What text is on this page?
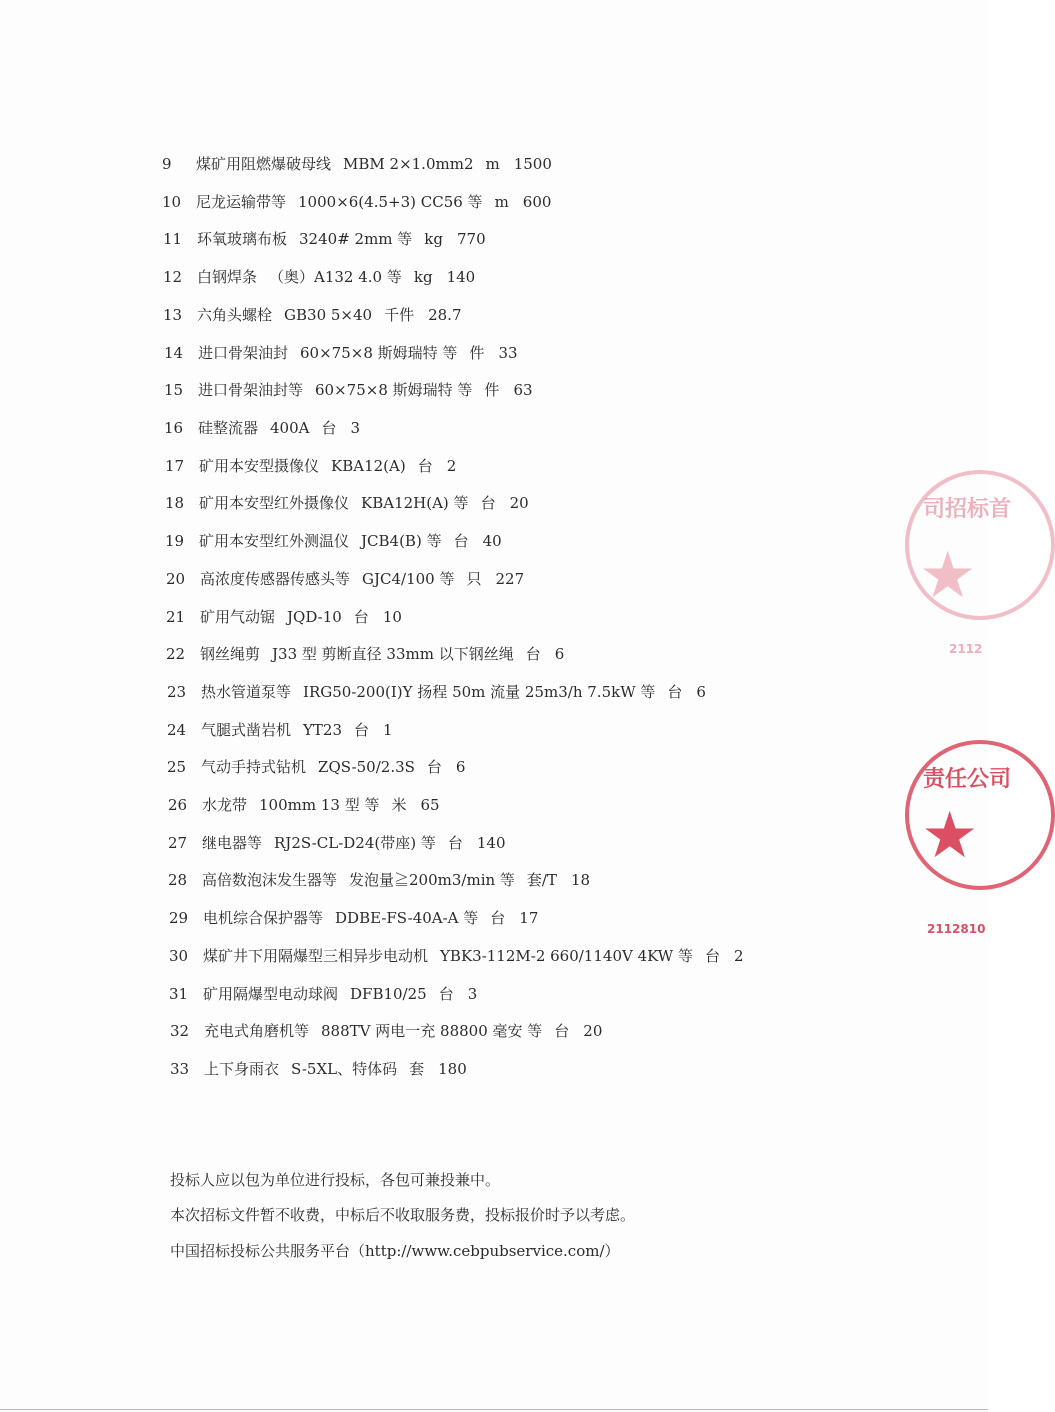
9 煤矿用阻燃爆破母线 MBM 2×1.0mm2 m 1500
10 尼龙运输带等 1000×6(4.5+3) CC56 等 m 600
11 环氧玻璃布板 3240# 2mm 等 kg 770
12 白钢焊条 （奥）A132 4.0 等 kg 140
13 六角头螺栓 GB30 5×40 千件 28.7
14 进口骨架油封 60×75×8 斯姆瑞特 等 件 33
15 进口骨架油封等 60×75×8 斯姆瑞特 等 件 63
16 硅整流器 400A 台 3
17 矿用本安型摄像仪 KBA12(A) 台 2
18 矿用本安型红外摄像仪 KBA12H(A) 等 台 20
19 矿用本安型红外测温仪 JCB4(B) 等 台 40
20 高浓度传感器传感头等 GJC4/100 等 只 227
21 矿用气动锯 JQD-10 台 10
22 钢丝绳剪 J33 型 剪断直径 33mm 以下钢丝绳 台 6
23 热水管道泵等 IRG50-200(I)Y 扬程 50m 流量 25m3/h 7.5kW 等 台 6
24 气腿式凿岩机 YT23 台 1
25 气动手持式钻机 ZQS-50/2.3S 台 6
26 水龙带 100mm 13 型 等 米 65
27 继电器等 RJ2S-CL-D24(带座) 等 台 140
28 高倍数泡沫发生器等 发泡量≧200m3/min 等 套/T 18
29 电机综合保护器等 DDBE-FS-40A-A 等 台 17
30 煤矿井下用隔爆型三相异步电动机 YBK3-112M-2 660/1140V 4KW 等 台 2
31 矿用隔爆型电动球阀 DFB10/25 台 3
32 充电式角磨机等 888TV 两电一充 88800 毫安 等 台 20
33 上下身雨衣 S-5XL、特体码 套 180
投标人应以包为单位进行投标，各包可兼投兼中。
本次招标文件暂不收费，中标后不收取服务费，投标报价时予以考虑。
中国招标投标公共服务平台（http://www.cebpubservice.com/）
司招标首
★
2112
责任公司
★
2112810
